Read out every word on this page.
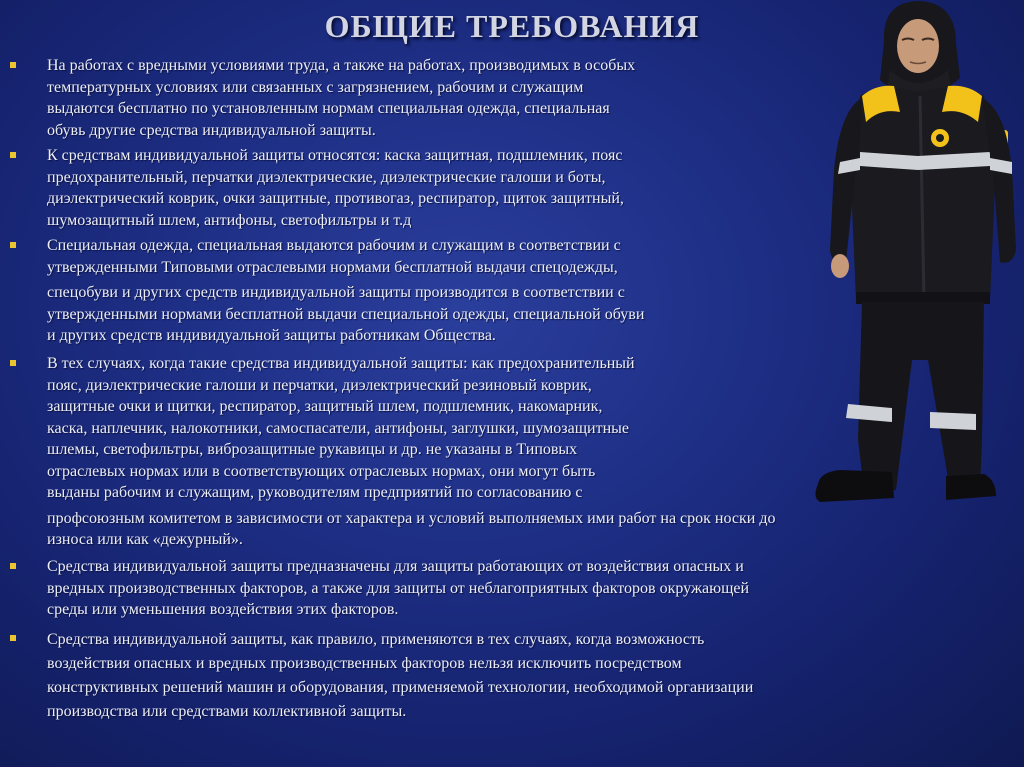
ОБЩИЕ ТРЕБОВАНИЯ

На работах с вредными условиями труда, а также на работах, производимых в особых
температурных условиях или связанных с загрязнением, рабочим и служащим
выдаются бесплатно по установленным нормам специальная одежда, специальная
обувь другие средства индивидуальной защиты.

К средствам индивидуальной защиты относятся: каска защитная, подшлемник, пояс
предохранительный, перчатки диэлектрические, диэлектрические галоши и боты,
диэлектрический коврик, очки защитные, противогаз, респиратор, щиток защитный,
шумозащитный шлем, антифоны, светофильтры и т.д

Специальная одежда, специальная выдаются рабочим и служащим в соответствии с
утвержденными Типовыми отраслевыми нормами бесплатной выдачи спецодежды,
спецобуви и других средств индивидуальной защиты производится в соответствии с
утвержденными нормами бесплатной выдачи специальной одежды, специальной обуви
и других средств индивидуальной защиты работникам Общества.

В тех случаях, когда такие средства индивидуальной защиты: как предохранительный
пояс, диэлектрические галоши и перчатки, диэлектрический резиновый коврик,
защитные очки и щитки, респиратор, защитный шлем, подшлемник, накомарник,
каска, наплечник, налокотники, самоспасатели, антифоны, заглушки, шумозащитные
шлемы, светофильтры, виброзащитные рукавицы и др. не указаны в Типовых
отраслевых нормах или в соответствующих отраслевых нормах, они могут быть
выданы рабочим и служащим, руководителям предприятий по согласованию с
профсоюзным комитетом в зависимости от характера и условий выполняемых ими работ на срок носки до
износа или как «дежурный».

Средства индивидуальной защиты предназначены для защиты работающих от воздействия опасных и
вредных производственных факторов, а также для защиты от неблагоприятных факторов окружающей
среды или уменьшения воздействия этих факторов.

Средства индивидуальной защиты, как правило, применяются в тех случаях, когда возможность
воздействия опасных и вредных производственных факторов нельзя исключить посредством
конструктивных решений машин и оборудования, применяемой технологии, необходимой организации
производства или средствами коллективной защиты.
